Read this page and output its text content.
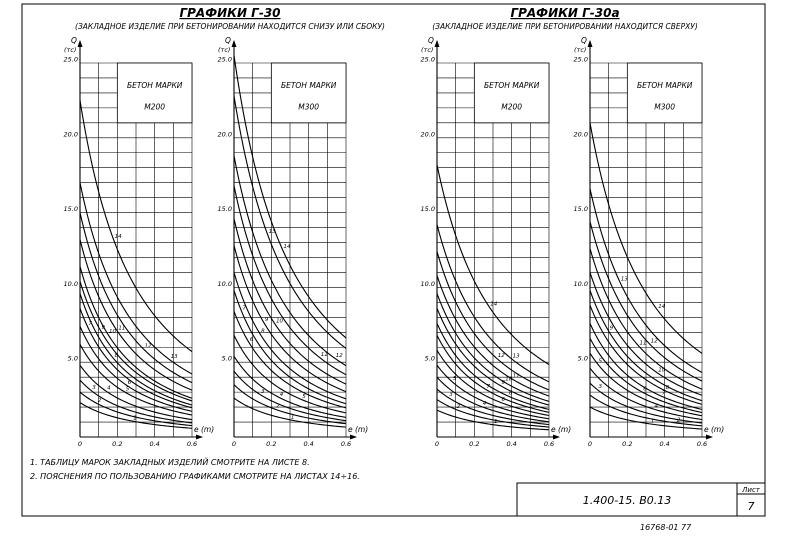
ГРАФИКИ Г-30
(ЗАКЛАДНОЕ ИЗДЕЛИЕ ПРИ БЕТОНИРОВАНИИ НАХОДИТСЯ СНИЗУ ИЛИ СБОКУ)
ГРАФИКИ Г-30а
(ЗАКЛАДНОЕ ИЗДЕЛИЕ ПРИ БЕТОНИРОВАНИИ НАХОДИТСЯ СВЕРХУ)
БЕТОН МАРКИ
М200
Q
(тс)
e (m)
0	0.2	0.4	0.6
5.0
10.0
15.0
20.0
25.0
1
2
3 4	5
6
7
8
9
10
11
12
13
14
БЕТОН МАРКИ
М300
Q
(тс)
e (m)
0	0.2	0.4	0.6
5.0
10.0
15.0
20.0
25.0
1
2
3	4	5
6
7
8
9 10
11 12
13
14
БЕТОН МАРКИ
М200
Q
(тс)
e (m)
0	0.2	0.4	0.6
5.0
10.0
15.0
20.0
25.0
1
2
3
4
5
6
7
8
9
10
11
12 13
14
БЕТОН МАРКИ
М300
Q
(тс)
e (m)
0	0.2	0.4	0.6
5.0
10.0
15.0
20.0
25.0
1	2
3
4
5
6
7
8
9
10
11 12
13
14
1. ТАБЛИЦУ МАРОК ЗАКЛАДНЫХ ИЗДЕЛИЙ СМОТРИТЕ НА ЛИСТЕ 8.
2. ПОЯСНЕНИЯ ПО ПОЛЬЗОВАНИЮ ГРАФИКАМИ СМОТРИТЕ НА ЛИСТАХ 14÷16.
1.400-15. В0.13
Лист
7
16768-01 77
